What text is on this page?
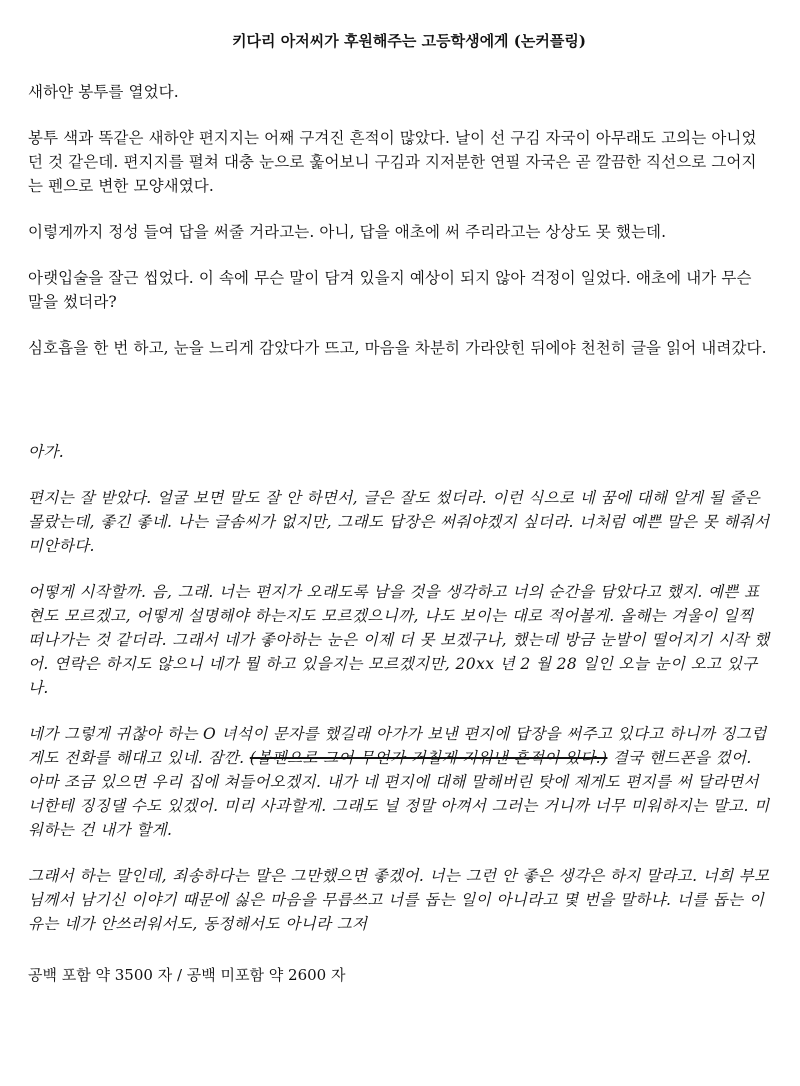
키다리 아저씨가 후원해주는 고등학생에게 (논커플링)

새하얀 봉투를 열었다.

봉투 색과 똑같은 새하얀 편지지는 어째 구겨진 흔적이 많았다. 날이 선 구김 자국이 아무래도 고의는 아니었던 것 같은데. 편지지를 펼쳐 대충 눈으로 훑어보니 구김과 지저분한 연필 자국은 곧 깔끔한 직선으로 그어지는 펜으로 변한 모양새였다.

이렇게까지 정성 들여 답을 써줄 거라고는. 아니, 답을 애초에 써 주리라고는 상상도 못 했는데.

아랫입술을 잘근 씹었다. 이 속에 무슨 말이 담겨 있을지 예상이 되지 않아 걱정이 일었다. 애초에 내가 무슨 말을 썼더라?

심호흡을 한 번 하고, 눈을 느리게 감았다가 뜨고, 마음을 차분히 가라앉힌 뒤에야 천천히 글을 읽어 내려갔다.

아가.

편지는 잘 받았다. 얼굴 보면 말도 잘 안 하면서, 글은 잘도 썼더라. 이런 식으로 네 꿈에 대해 알게 될 줄은 몰랐는데, 좋긴 좋네. 나는 글솜씨가 없지만, 그래도 답장은 써줘야겠지 싶더라. 너처럼 예쁜 말은 못 해줘서 미안하다.

어떻게 시작할까. 음, 그래. 너는 편지가 오래도록 남을 것을 생각하고 너의 순간을 담았다고 했지. 예쁜 표현도 모르겠고, 어떻게 설명해야 하는지도 모르겠으니까, 나도 보이는 대로 적어볼게. 올해는 겨울이 일찍 떠나가는 것 같더라. 그래서 네가 좋아하는 눈은 이제 더 못 보겠구나, 했는데 방금 눈발이 떨어지기 시작 했어. 연락은 하지도 않으니 네가 뭘 하고 있을지는 모르겠지만, 20xx 년 2 월 28 일인 오늘 눈이 오고 있구나.

네가 그렇게 귀찮아 하는 O 녀석이 문자를 했길래 아가가 보낸 편지에 답장을 써주고 있다고 하니까 징그럽게도 전화를 해대고 있네. 잠깐. (볼펜으로 그어 무언가 거칠게 지워낸 흔적이 있다.) 결국 핸드폰을 껐어. 아마 조금 있으면 우리 집에 쳐들어오겠지. 내가 네 편지에 대해 말해버린 탓에 제게도 편지를 써 달라면서 너한테 징징댈 수도 있겠어. 미리 사과할게. 그래도 널 정말 아껴서 그러는 거니까 너무 미워하지는 말고. 미워하는 건 내가 할게.

그래서 하는 말인데, 죄송하다는 말은 그만했으면 좋겠어. 너는 그런 안 좋은 생각은 하지 말라고. 너희 부모님께서 남기신 이야기 때문에 싫은 마음을 무릅쓰고 너를 돕는 일이 아니라고 몇 번을 말하냐. 너를 돕는 이유는 네가 안쓰러워서도, 동정해서도 아니라 그저

공백 포함 약 3500 자 / 공백 미포함 약 2600 자
